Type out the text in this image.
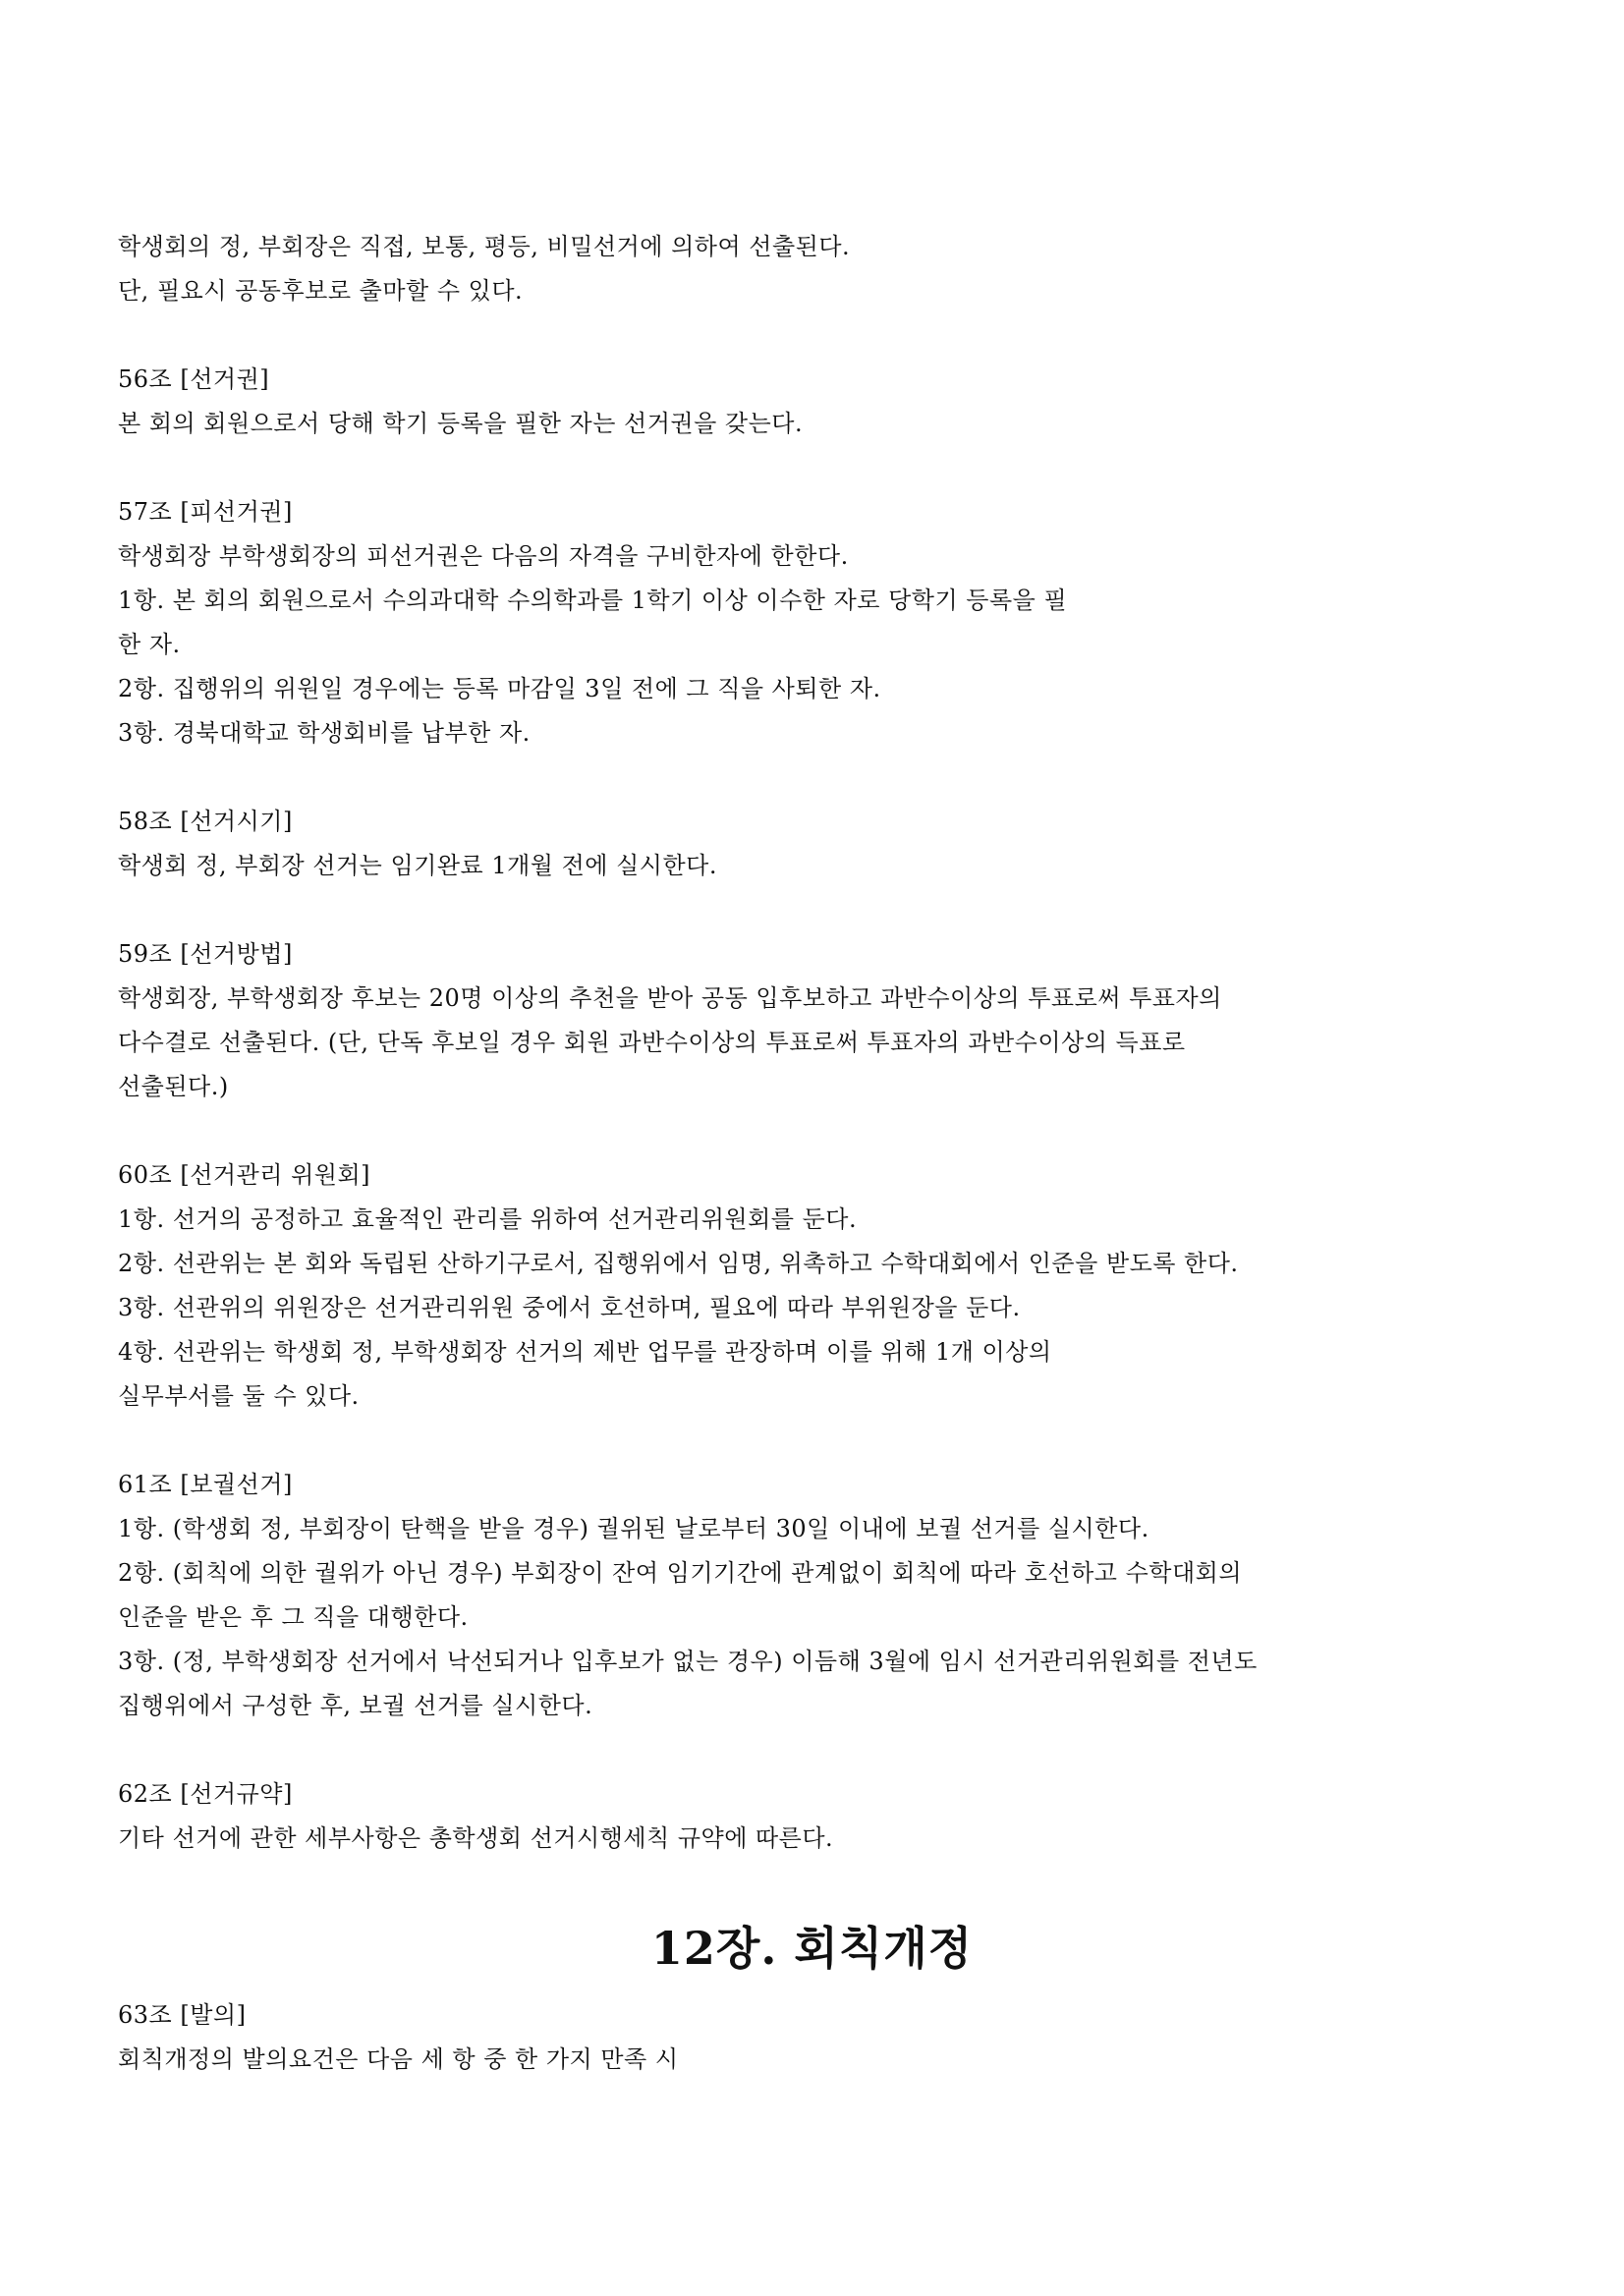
학생회의 정, 부회장은 직접, 보통, 평등, 비밀선거에 의하여 선출된다.
단, 필요시 공동후보로 출마할 수 있다.
56조 [선거권]
본 회의 회원으로서 당해 학기 등록을 필한 자는 선거권을 갖는다.
57조 [피선거권]
학생회장 부학생회장의 피선거권은 다음의 자격을 구비한자에 한한다.
1항. 본 회의 회원으로서 수의과대학 수의학과를 1학기 이상 이수한 자로 당학기 등록을 필
한 자.
2항. 집행위의 위원일 경우에는 등록 마감일 3일 전에 그 직을 사퇴한 자.
3항. 경북대학교 학생회비를 납부한 자.
58조 [선거시기]
학생회 정, 부회장 선거는 임기완료 1개월 전에 실시한다.
59조 [선거방법]
학생회장, 부학생회장 후보는 20명 이상의 추천을 받아 공동 입후보하고 과반수이상의 투표로써 투표자의
다수결로 선출된다. (단, 단독 후보일 경우 회원 과반수이상의 투표로써 투표자의 과반수이상의 득표로
선출된다.)
60조 [선거관리 위원회]
1항. 선거의 공정하고 효율적인 관리를 위하여 선거관리위원회를 둔다.
2항. 선관위는 본 회와 독립된 산하기구로서, 집행위에서 임명, 위촉하고 수학대회에서 인준을 받도록 한다.
3항. 선관위의 위원장은 선거관리위원 중에서 호선하며, 필요에 따라 부위원장을 둔다.
4항. 선관위는 학생회 정, 부학생회장 선거의 제반 업무를 관장하며 이를 위해 1개 이상의
실무부서를 둘 수 있다.
61조 [보궐선거]
1항. (학생회 정, 부회장이 탄핵을 받을 경우) 궐위된 날로부터 30일 이내에 보궐 선거를 실시한다.
2항. (회칙에 의한 궐위가 아닌 경우) 부회장이 잔여 임기기간에 관계없이 회칙에 따라 호선하고 수학대회의
인준을 받은 후 그 직을 대행한다.
3항. (정, 부학생회장 선거에서 낙선되거나 입후보가 없는 경우) 이듬해 3월에 임시 선거관리위원회를 전년도
집행위에서 구성한 후, 보궐 선거를 실시한다.
62조 [선거규약]
기타 선거에 관한 세부사항은 총학생회 선거시행세칙 규약에 따른다.
12장. 회칙개정
63조 [발의]
회칙개정의 발의요건은 다음 세 항 중 한 가지 만족 시
